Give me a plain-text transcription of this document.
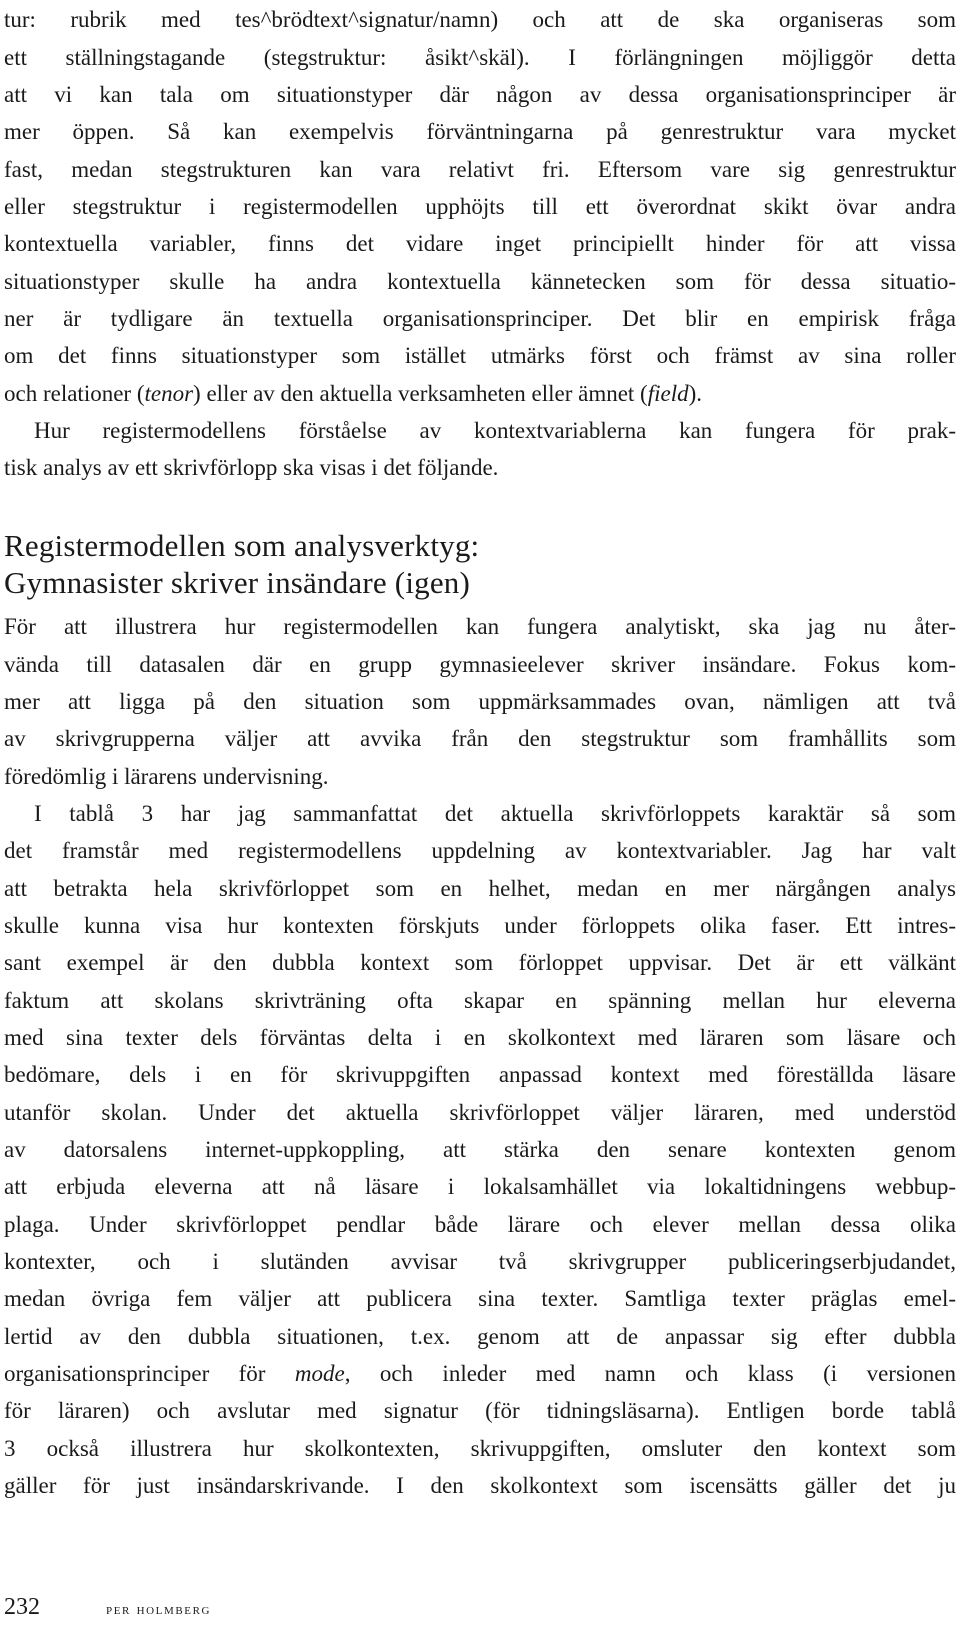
tur: rubrik med tes^brödtext^signatur/namn) och att de ska organiseras som
ett ställningstagande (stegstruktur: åsikt^skäl). I förlängningen möjliggör detta
att vi kan tala om situationstyper där någon av dessa organisationsprinciper är
mer öppen. Så kan exempelvis förväntningarna på genrestruktur vara mycket
fast, medan stegstrukturen kan vara relativt fri. Eftersom vare sig genrestruktur
eller stegstruktur i registermodellen upphöjts till ett överordnat skikt övar andra
kontextuella variabler, finns det vidare inget principiellt hinder för att vissa
situationstyper skulle ha andra kontextuella kännetecken som för dessa situatio-
ner är tydligare än textuella organisationsprinciper. Det blir en empirisk fråga
om det finns situationstyper som istället utmärks först och främst av sina roller
och relationer (tenor) eller av den aktuella verksamheten eller ämnet (field).
Hur registermodellens förståelse av kontextvariablerna kan fungera för prak-
tisk analys av ett skrivförlopp ska visas i det följande.
Registermodellen som analysverktyg:
Gymnasister skriver insändare (igen)
För att illustrera hur registermodellen kan fungera analytiskt, ska jag nu åter-
vända till datasalen där en grupp gymnasieelever skriver insändare. Fokus kom-
mer att ligga på den situation som uppmärksammades ovan, nämligen att två
av skrivgrupperna väljer att avvika från den stegstruktur som framhållits som
föredömlig i lärarens undervisning.
I tablå 3 har jag sammanfattat det aktuella skrivförloppets karaktär så som
det framstår med registermodellens uppdelning av kontextvariabler. Jag har valt
att betrakta hela skrivförloppet som en helhet, medan en mer närgången analys
skulle kunna visa hur kontexten förskjuts under förloppets olika faser. Ett intres-
sant exempel är den dubbla kontext som förloppet uppvisar. Det är ett välkänt
faktum att skolans skrivträning ofta skapar en spänning mellan hur eleverna
med sina texter dels förväntas delta i en skolkontext med läraren som läsare och
bedömare, dels i en för skrivuppgiften anpassad kontext med föreställda läsare
utanför skolan. Under det aktuella skrivförloppet väljer läraren, med understöd
av datorsalens internet-uppkoppling, att stärka den senare kontexten genom
att erbjuda eleverna att nå läsare i lokalsamhället via lokaltidningens webbup-
plaga. Under skrivförloppet pendlar både lärare och elever mellan dessa olika
kontexter, och i slutänden avvisar två skrivgrupper publiceringserbjudandet,
medan övriga fem väljer att publicera sina texter. Samtliga texter präglas emel-
lertid av den dubbla situationen, t.ex. genom att de anpassar sig efter dubbla
organisationsprinciper för mode, och inleder med namn och klass (i versionen
för läraren) och avslutar med signatur (för tidningsläsarna). Entligen borde tablå
3 också illustrera hur skolkontexten, skrivuppgiften, omsluter den kontext som
gäller för just insändarskrivande. I den skolkontext som iscensätts gäller det ju
232	per holmberg
